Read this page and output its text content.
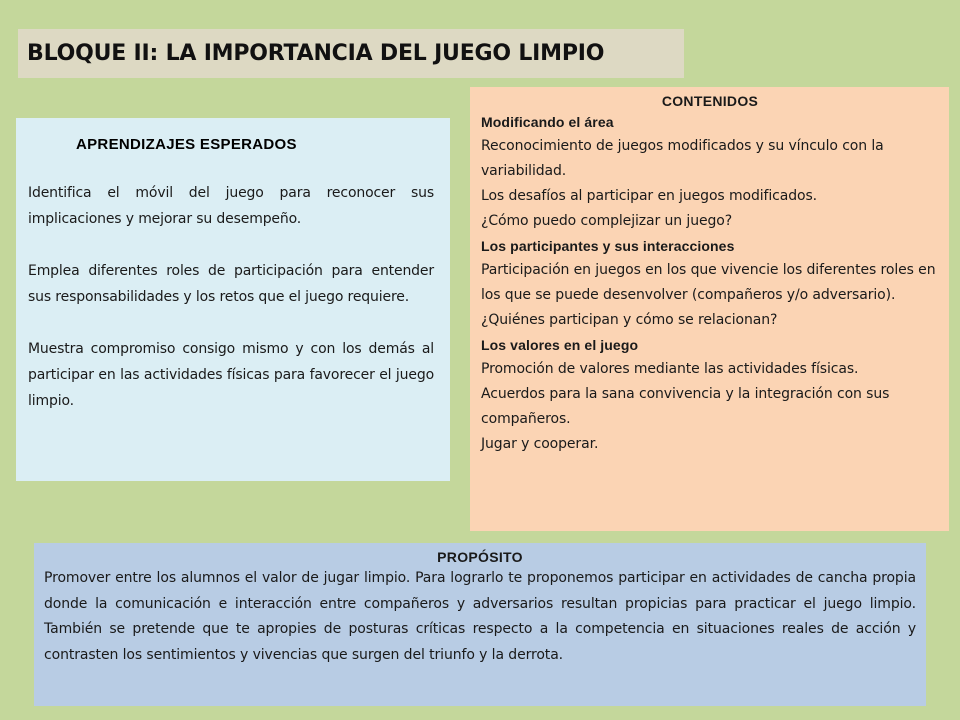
BLOQUE II: LA IMPORTANCIA DEL JUEGO LIMPIO
APRENDIZAJES ESPERADOS

Identifica el móvil del juego para reconocer sus implicaciones y mejorar su desempeño.

Emplea diferentes roles de participación para entender sus responsabilidades y los retos que el juego requiere.

Muestra compromiso consigo mismo y con los demás al participar en las actividades físicas para favorecer el juego limpio.

CONTENIDOS
Modificando el área
Reconocimiento de juegos modificados y su vínculo con la variabilidad.
Los desafíos al participar en juegos modificados.
¿Cómo puedo complejizar un juego?
Los participantes y sus interacciones
Participación en juegos en los que vivencie los diferentes roles en los que se puede desenvolver (compañeros y/o adversario).
¿Quiénes participan y cómo se relacionan?
Los valores en el juego
Promoción de valores mediante las actividades físicas.
Acuerdos para la sana convivencia y la integración con sus compañeros.
Jugar y cooperar.
PROPÓSITO

Promover entre los alumnos el valor de jugar limpio. Para lograrlo te proponemos participar en actividades de cancha propia donde la comunicación e interacción entre compañeros y adversarios resultan propicias para practicar el juego limpio. También se pretende que te apropies de posturas críticas respecto a la competencia en situaciones reales de acción y contrasten los sentimientos y vivencias que surgen del triunfo y la derrota.
